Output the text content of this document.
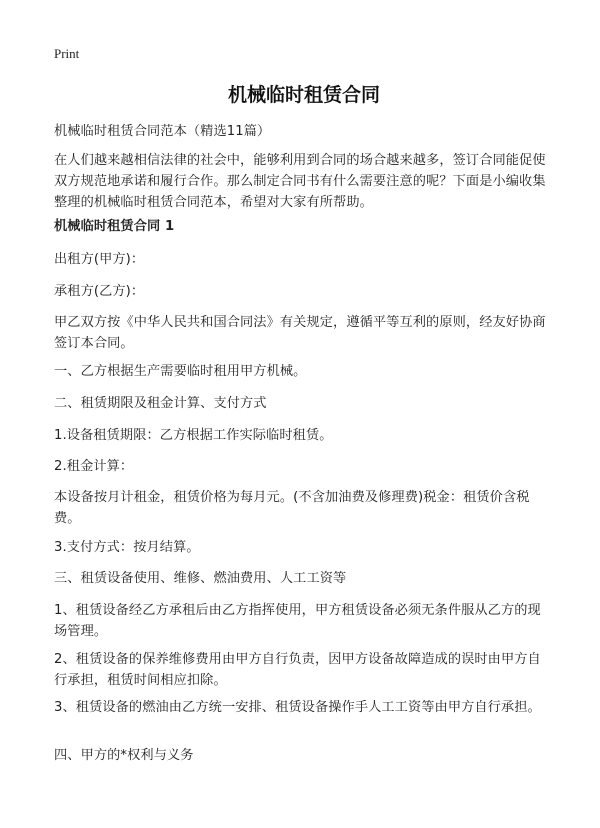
Print
机械临时租赁合同

机械临时租赁合同范本（精选11篇）

在人们越来越相信法律的社会中，能够利用到合同的场合越来越多，签订合同能促使双方规范地承诺和履行合作。那么制定合同书有什么需要注意的呢？下面是小编收集整理的机械临时租赁合同范本，希望对大家有所帮助。

机械临时租赁合同 1

出租方(甲方)：

承租方(乙方)：

甲乙双方按《中华人民共和国合同法》有关规定，遵循平等互利的原则，经友好协商签订本合同。

一、乙方根据生产需要临时租用甲方机械。

二、租赁期限及租金计算、支付方式

1.设备租赁期限：乙方根据工作实际临时租赁。

2.租金计算：

本设备按月计租金，租赁价格为每月元。(不含加油费及修理费)税金：租赁价含税费。

3.支付方式：按月结算。

三、租赁设备使用、维修、燃油费用、人工工资等

1、租赁设备经乙方承租后由乙方指挥使用，甲方租赁设备必须无条件服从乙方的现场管理。

2、租赁设备的保养维修费用由甲方自行负责，因甲方设备故障造成的误时由甲方自行承担，租赁时间相应扣除。

3、租赁设备的燃油由乙方统一安排、租赁设备操作手人工工资等由甲方自行承担。

四、甲方的*权利与义务
